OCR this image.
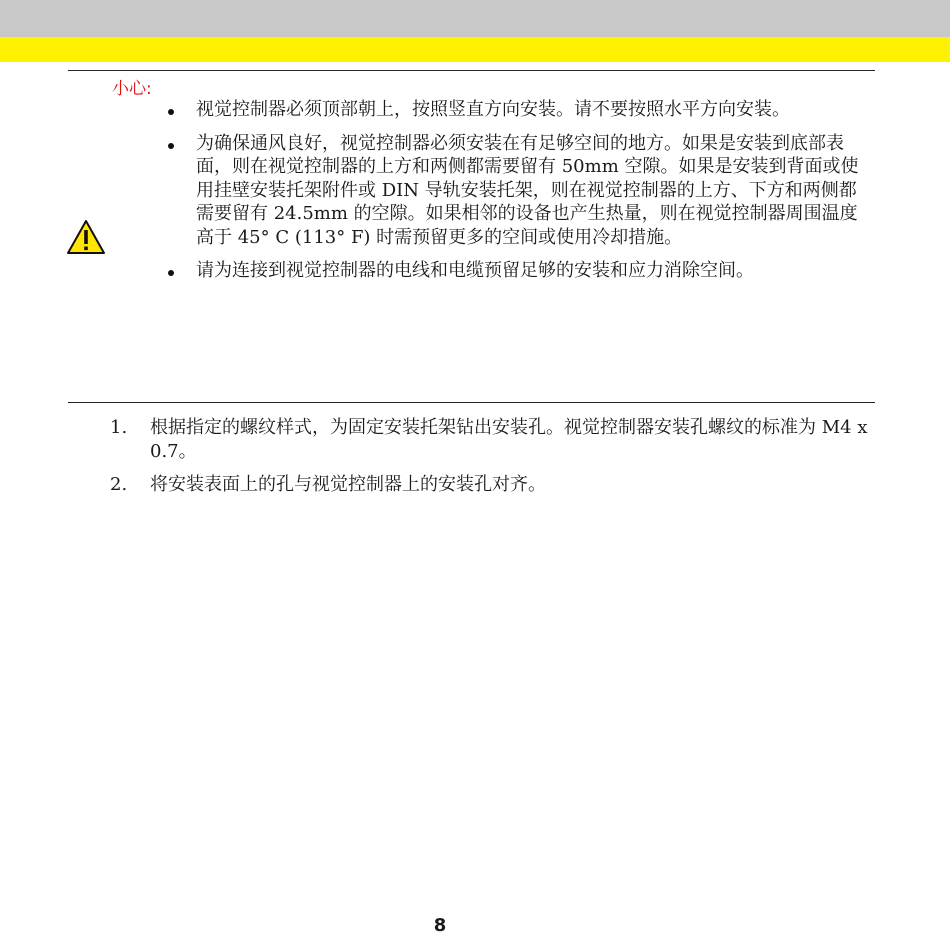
小心:
视觉控制器必须顶部朝上，按照竖直方向安装。请不要按照水平方向安装。
为确保通风良好，视觉控制器必须安装在有足够空间的地方。如果是安装到底部表面，则在视觉控制器的上方和两侧都需要留有 50mm 空隙。如果是安装到背面或使用挂壁安装托架附件或 DIN 导轨安装托架，则在视觉控制器的上方、下方和两侧都需要留有 24.5mm 的空隙。如果相邻的设备也产生热量，则在视觉控制器周围温度高于 45° C (113° F) 时需预留更多的空间或使用冷却措施。
请为连接到视觉控制器的电线和电缆预留足够的安装和应力消除空间。
1. 根据指定的螺纹样式，为固定安装托架钻出安装孔。视觉控制器安装孔螺纹的标准为 M4 x 0.7。
2. 将安装表面上的孔与视觉控制器上的安装孔对齐。
8
